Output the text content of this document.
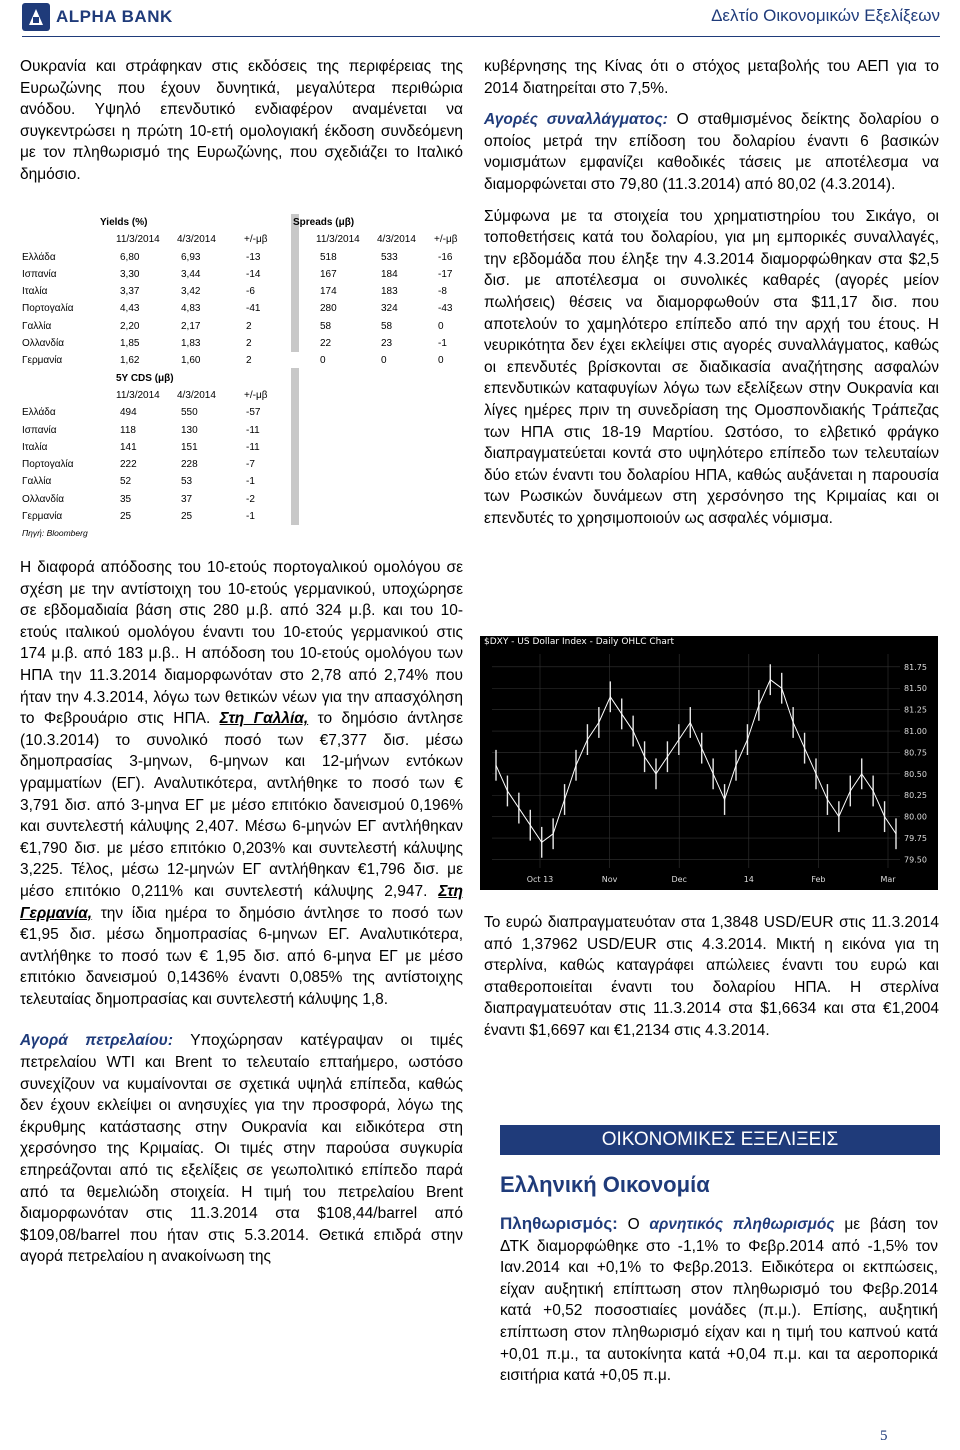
ALPHA BANK	Δελτίο Οικονομικών Εξελίξεων

Ουκρανία και στράφηκαν στις εκδόσεις της περιφέρειας της Ευρωζώνης που έχουν δυνητικά, μεγαλύτερα περιθώρια ανόδου. Υψηλό επενδυτικό ενδιαφέρον αναμένεται να συγκεντρώσει η πρώτη 10-ετή ομολογιακή έκδοση συνδεόμενη με τον πληθωρισμό της Ευρωζώνης, που σχεδιάζει το Ιταλικό δημόσιο.

Yields (%)	Spreads (μβ)
11/3/2014 4/3/2014	+/-μβ	11/3/2014 4/3/2014 +/-μβ
Ελλάδα	6,80	6,93	-13	518	533	-16
Ισπανία	3,30	3,44	-14	167	184	-17
Ιταλία	3,37	3,42	-6	174	183	-8
Πορτογαλία	4,43	4,83	-41	280	324	-43
Γαλλία	2,20	2,17	2	58	58	0
Ολλανδία	1,85	1,83	2	22	23	-1
Γερμανία	1,62	1,60	2	0	0	0
5Y CDS (μβ)
11/3/2014 4/3/2014	+/-μβ
Ελλάδα	494	550	-57
Ισπανία	118	130	-11
Ιταλία	141	151	-11
Πορτογαλία	222	228	-7
Γαλλία	52	53	-1
Ολλανδία	35	37	-2
Γερμανία	25	25	-1
Πηγή: Bloomberg

Η διαφορά απόδοσης του 10-ετούς πορτογαλικού ομολόγου σε σχέση με την αντίστοιχη του 10-ετούς γερμανικού, υποχώρησε σε εβδομαδιαία βάση στις 280 μ.β. από 324 μ.β. και του 10-ετούς ιταλικού ομολόγου έναντι του 10-ετούς γερμανικού στις 174 μ.β. από 183 μ.β.. Η απόδοση του 10-ετούς ομολόγου των ΗΠΑ την 11.3.2014 διαμορφωνόταν στο 2,78 από 2,74% που ήταν την 4.3.2014, λόγω των θετικών νέων για την απασχόληση το Φεβρουάριο στις ΗΠΑ. Στη Γαλλία, το δημόσιο άντλησε (10.3.2014) το συνολικό ποσό των €7,377 δισ. μέσω δημοπρασίας 3-μηνων, 6-μηνων και 12-μήνων εντόκων γραμματίων (ΕΓ). Αναλυτικότερα, αντλήθηκε το ποσό των € 3,791 δισ. από 3-μηνα ΕΓ με μέσο επιτόκιο δανεισμού 0,196% και συντελεστή κάλυψης 2,407. Μέσω 6-μηνών ΕΓ αντλήθηκαν €1,790 δισ. με μέσο επιτόκιο 0,203% και συντελεστή κάλυψης 3,225. Τέλος, μέσω 12-μηνών ΕΓ αντλήθηκαν €1,796 δισ. με μέσο επιτόκιο 0,211% και συντελεστή κάλυψης 2,947. Στη Γερμανία, την ίδια ημέρα το δημόσιο άντλησε το ποσό των €1,95 δισ. μέσω δημοπρασίας 6-μηνων ΕΓ. Αναλυτικότερα, αντλήθηκε το ποσό των € 1,95 δισ. από 6-μηνα ΕΓ με μέσο επιτόκιο δανεισμού 0,1436% έναντι 0,085% της αντίστοιχης τελευταίας δημοπρασίας και συντελεστή κάλυψης 1,8.

Αγορά πετρελαίου: Υποχώρησαν κατέγραψαν οι τιμές πετρελαίου WTI και Brent το τελευταίο επταήμερο, ωστόσο συνεχίζουν να κυμαίνονται σε σχετικά υψηλά επίπεδα, καθώς δεν έχουν εκλείψει οι ανησυχίες για την προσφορά, λόγω της έκρυθμης κατάστασης στην Ουκρανία και ειδικότερα στη χερσόνησο της Κριμαίας. Οι τιμές στην παρούσα συγκυρία επηρεάζονται από τις εξελίξεις σε γεωπολιτικό επίπεδο παρά από τα θεμελιώδη στοιχεία. Η τιμή του πετρελαίου Brent διαμορφωνόταν στις 11.3.2014 στα $108,44/barrel από $109,08/barrel που ήταν στις 5.3.2014. Θετικά επιδρά στην αγορά πετρελαίου η ανακοίνωση της

κυβέρνησης της Κίνας ότι ο στόχος μεταβολής του ΑΕΠ για το 2014 διατηρείται στο 7,5%.

Αγορές συναλλάγματος: Ο σταθμισμένος δείκτης δολαρίου ο οποίος μετρά την επίδοση του δολαρίου έναντι 6 βασικών νομισμάτων εμφανίζει καθοδικές τάσεις με αποτέλεσμα να διαμορφώνεται στο 79,80 (11.3.2014) από 80,02 (4.3.2014).

Σύμφωνα με τα στοιχεία του χρηματιστηρίου του Σικάγο, οι τοποθετήσεις κατά του δολαρίου, για μη εμπορικές συναλλαγές, την εβδομάδα που έληξε την 4.3.2014 διαμορφώθηκαν στα $2,5 δισ. με αποτέλεσμα οι συνολικές καθαρές (αγορές μείον πωλήσεις) θέσεις να διαμορφωθούν στα $11,17 δισ. που αποτελούν το χαμηλότερο επίπεδο από την αρχή του έτους. Η νευρικότητα δεν έχει εκλείψει στις αγορές συναλλάγματος, καθώς οι επενδυτές βρίσκονται σε διαδικασία αναζήτησης ασφαλών επενδυτικών καταφυγίων λόγω των εξελίξεων στην Ουκρανία και λίγες ημέρες πριν τη συνεδρίαση της Ομοσπονδιακής Τράπεζας των ΗΠΑ στις 18-19 Μαρτίου. Ωστόσο, το ελβετικό φράγκο διαπραγματεύεται κοντά στο υψηλότερο επίπεδο των τελευταίων δύο ετών έναντι του δολαρίου ΗΠΑ, καθώς αυξάνεται η παρουσία των Ρωσικών δυνάμεων στη χερσόνησο της Κριμαίας και οι επενδυτές το χρησιμοποιούν ως ασφαλές νόμισμα.

$DXY - US Dollar Index - Daily OHLC Chart
81.75
81.50
81.25
81.00
80.75
80.50
80.25
80.00
79.75
79.50
Oct 13	Nov	Dec	14	Feb	Mar

Το ευρώ διαπραγματευόταν στα 1,3848 USD/EUR στις 11.3.2014 από 1,37962 USD/EUR στις 4.3.2014. Μικτή η εικόνα για τη στερλίνα, καθώς καταγράφει απώλειες έναντι του ευρώ και σταθεροποιείται έναντι του δολαρίου ΗΠΑ. Η στερλίνα διαπραγματευόταν στις 11.3.2014 στα $1,6634 και στα €1,2004 έναντι $1,6697 και €1,2134 στις 4.3.2014.

ΟΙΚΟΝΟΜΙΚΕΣ ΕΞΕΛΙΞΕΙΣ
Ελληνική Οικονομία

Πληθωρισμός: Ο αρνητικός πληθωρισμός με βάση τον ΔΤΚ διαμορφώθηκε στο -1,1% το Φεβρ.2014 από -1,5% τον Ιαν.2014 και +0,1% το Φεβρ.2013. Ειδικότερα οι εκτπώσεις, είχαν αυξητική επίπτωση στον πληθωρισμό του Φεβρ.2014 κατά +0,52 ποσοστιαίες μονάδες (π.μ.). Επίσης, αυξητική επίπτωση στον πληθωρισμό είχαν και η τιμή του καπνού κατά +0,01 π.μ., τα αυτοκίνητα κατά +0,04 π.μ. και τα αεροπορικά εισιτήρια κατά +0,05 π.μ.

5
